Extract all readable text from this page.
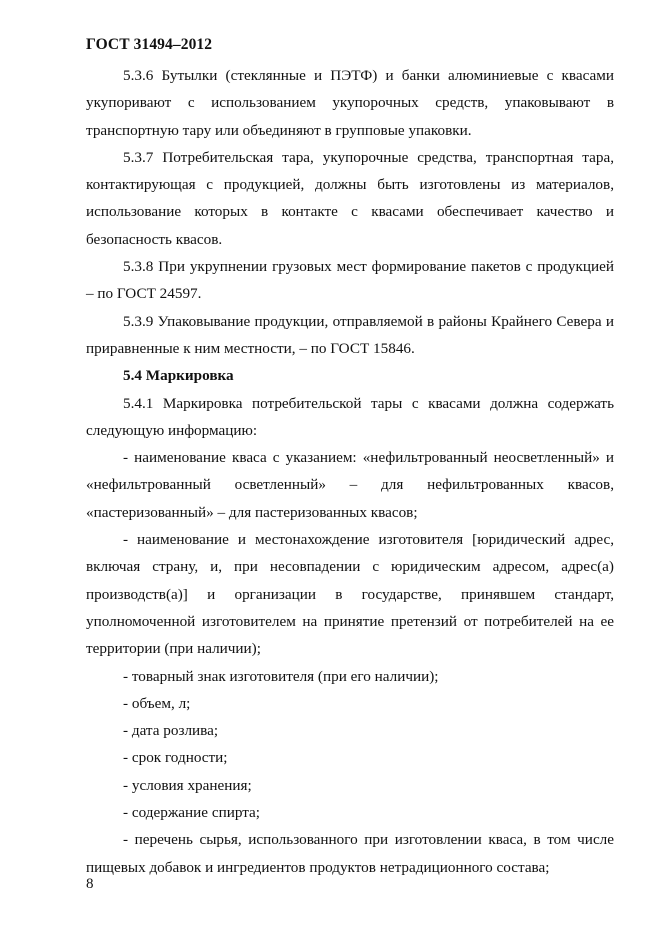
ГОСТ 31494–2012

5.3.6 Бутылки (стеклянные и ПЭТФ) и банки алюминиевые с квасами укупоривают с использованием укупорочных средств, упаковывают в транспортную тару или объединяют в групповые упаковки.

5.3.7 Потребительская тара, укупорочные средства, транспортная тара, контактирующая с продукцией, должны быть изготовлены из материалов, использование которых в контакте с квасами обеспечивает качество и безопасность квасов.

5.3.8 При укрупнении грузовых мест формирование пакетов с продукцией – по ГОСТ 24597.

5.3.9 Упаковывание продукции, отправляемой в районы Крайнего Севера и приравненные к ним местности, – по ГОСТ 15846.

5.4 Маркировка

5.4.1 Маркировка потребительской тары с квасами должна содержать следующую информацию:

- наименование кваса с указанием: «нефильтрованный неосветленный» и «нефильтрованный осветленный» – для нефильтрованных квасов, «пастеризованный» – для пастеризованных квасов;

- наименование и местонахождение изготовителя [юридический адрес, включая страну, и, при несовпадении с юридическим адресом, адрес(а) производств(а)] и организации в государстве, принявшем стандарт, уполномоченной изготовителем на принятие претензий от потребителей на ее территории (при наличии);

- товарный знак изготовителя (при его наличии);

- объем, л;

- дата розлива;

- срок годности;

- условия хранения;

- содержание спирта;

- перечень сырья, использованного при изготовлении кваса, в том числе пищевых добавок и ингредиентов продуктов нетрадиционного состава;

8
